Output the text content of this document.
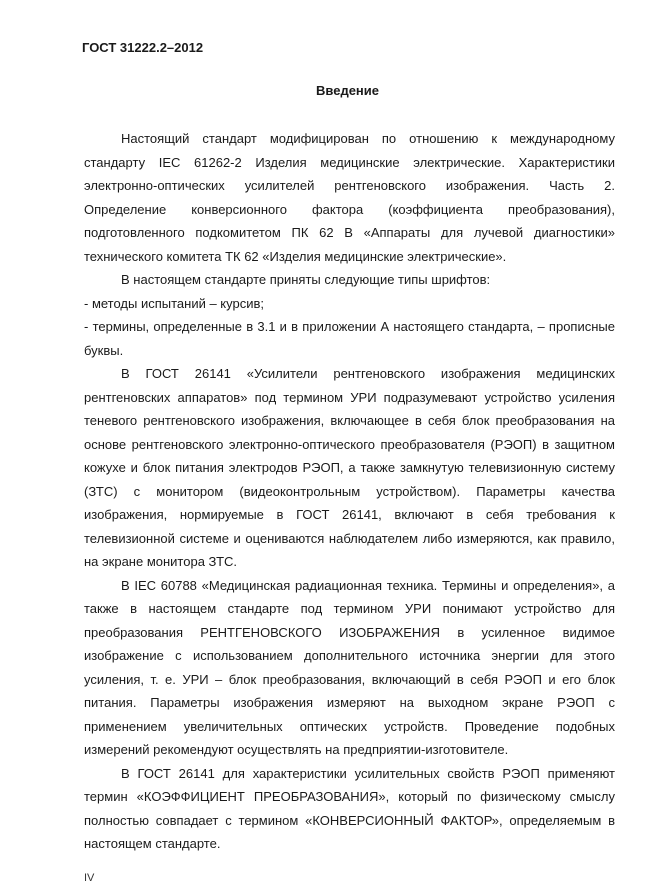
ГОСТ 31222.2–2012
Введение

Настоящий стандарт модифицирован по отношению к международному стандарту IEC 61262-2 Изделия медицинские электрические. Характеристики электронно-оптических усилителей рентгеновского изображения. Часть 2. Определение конверсионного фактора (коэффициента преобразования), подготовленного подкомитетом ПК 62 В «Аппараты для лучевой диагностики» технического комитета ТК 62 «Изделия медицинские электрические».

В настоящем стандарте приняты следующие типы шрифтов:

- методы испытаний – курсив;

- термины, определенные в 3.1 и в приложении А настоящего стандарта, – прописные буквы.

В ГОСТ 26141 «Усилители рентгеновского изображения медицинских рентгеновских аппаратов» под термином УРИ подразумевают устройство усиления теневого рентгеновского изображения, включающее в себя блок преобразования на основе рентгеновского электронно-оптического преобразователя (РЭОП) в защитном кожухе и блок питания электродов РЭОП, а также замкнутую телевизионную систему (ЗТС) с монитором (видеоконтрольным устройством). Параметры качества изображения, нормируемые в ГОСТ 26141, включают в себя требования к телевизионной системе и оцениваются наблюдателем либо измеряются, как правило, на экране монитора ЗТС.

В IEC 60788 «Медицинская радиационная техника. Термины и определения», а также в настоящем стандарте под термином УРИ понимают устройство для преобразования РЕНТГЕНОВСКОГО ИЗОБРАЖЕНИЯ в усиленное видимое изображение с использованием дополнительного источника энергии для этого усиления, т. е. УРИ – блок преобразования, включающий в себя РЭОП и его блок питания. Параметры изображения измеряют на выходном экране РЭОП с применением увеличительных оптических устройств. Проведение подобных измерений рекомендуют осуществлять на предприятии-изготовителе.

В ГОСТ 26141 для характеристики усилительных свойств РЭОП применяют термин «КОЭФФИЦИЕНТ ПРЕОБРАЗОВАНИЯ», который по физическому смыслу полностью совпадает с термином «КОНВЕРСИОННЫЙ ФАКТОР», определяемым в настоящем стандарте.

IV
